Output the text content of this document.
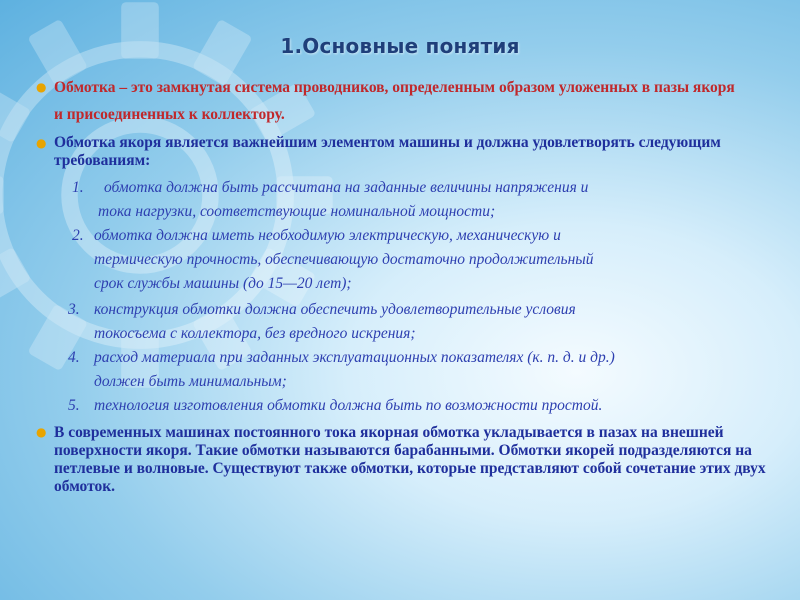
1.Основные понятия
● Обмотка – это замкнутая система проводников, определенным образом уложенных в пазы якоря и присоединенных к коллектору.

● Обмотка якоря является важнейшим элементом машины и должна удовлетворять следующим требованиям:

1. обмотка должна быть рассчитана на заданные величины напряжения и
тока нагрузки, соответствующие номинальной мощности;
2. обмотка должна иметь необходимую электрическую, механическую и
термическую прочность, обеспечивающую достаточно продолжительный
срок службы машины (до 15—20 лет);
3. конструкция обмотки должна обеспечить удовлетворительные условия
токосъема с коллектора, без вредного искрения;
4. расход материала при заданных эксплуатационных показателях (к. п. д. и др.)
должен быть минимальным;
5. технология изготовления обмотки должна быть по возможности простой.
● В современных машинах постоянного тока якорная обмотка укладывается в пазах на внешней поверхности якоря. Такие обмотки называются барабанными. Обмотки якорей подразделяются на петлевые и волновые. Существуют также обмотки, которые представляют собой сочетание этих двух обмоток.
